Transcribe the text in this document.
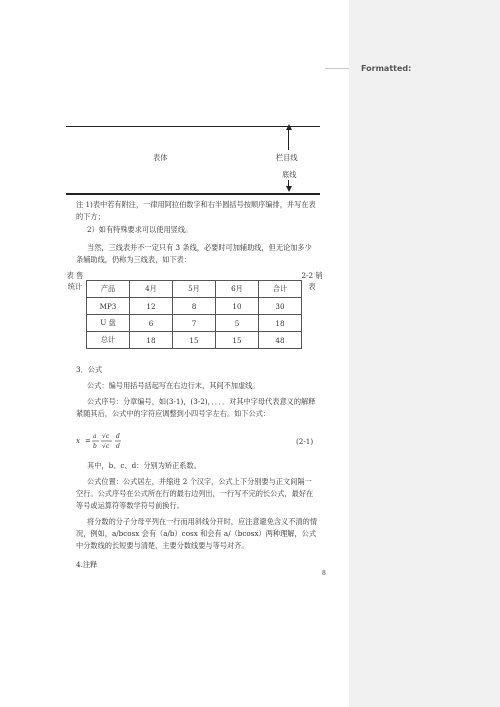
表体	栏目线
底线
注 1)表中若有附注，一律用阿拉伯数字和右半圆括号按顺序编排，并写在表的下方；
2）如有特殊要求可以使用竖线。
当然，三线表并不一定只有 3 条线，必要时可加辅助线，但无论加多少条辅助线，仍称为三线表，如下表：
表 售统计
2-2 销表
产品	4月	5月	6月	合计
MP3	12	8	10	30
U 盘	6	7	5	18
总计	18	15	15	48
3．公式
公式：编号用括号括起写在右边行末，其间不加虚线。
公式序号：分章编号，如(3-1)，(3-2)，．．．．对其中字母代表意义的解释紧随其后，公式中的字符应调整到小四号字左右。如下公式：
x =
a
b
√c
√c
d
d
(2-1)
其中，b、c、d：分别为矫正系数。
公式位置：公式居左，并缩进 2 个汉字，公式上下分别要与正文间隔一空行。公式序号在公式所在行的最右边列出，一行写不完的长公式，最好在等号或运算符等数学符号前换行。
将分数的分子分母平列在一行而用斜线分开时，应注意避免含义不清的情况，例如，a/bcosx 会有（a/b）cosx 和会有 a/（bcosx）两种理解，公式中分数线的长短要与清楚，主要分数线要与等号对齐。
4.注释
8
Formatted:
